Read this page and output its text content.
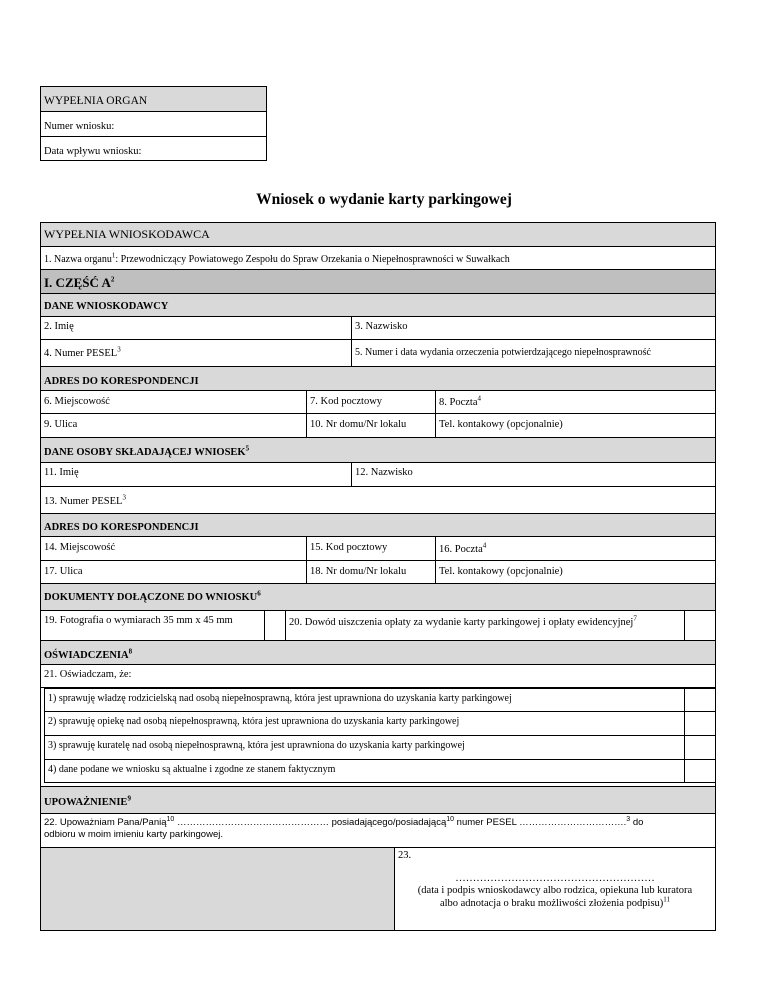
WYPEŁNIA ORGAN
Numer wniosku:
Data wpływu wniosku:
Wniosek o wydanie karty parkingowej
WYPEŁNIA WNIOSKODAWCA
1. Nazwa organu$^1$: Przewodniczący Powiatowego Zespołu do Spraw Orzekania o Niepełnosprawności w Suwałkach
I. CZĘŚĆ $A^2$
DANE WNIOSKODAWCY
2. Imię	3. Nazwisko
4. Numer PESEL$^3$	5. Numer i data wydania orzeczenia potwierdzającego niepełnosprawność
ADRES DO KORESPONDENCJI
6. Miejscowość	7. Kod pocztowy	8. Poczta$^4$
9. Ulica	10. Nr domu/Nr lokalu	Tel. kontakowy (opcjonalnie)
DANE OSOBY SKŁADAJĄCEJ WNIOSEK$^5$
11. Imię	12. Nazwisko
13. Numer PESEL$^3$
ADRES DO KORESPONDENCJI
14. Miejscowość	15. Kod pocztowy	16. Poczta$^4$
17. Ulica	18. Nr domu/Nr lokalu	Tel. kontakowy (opcjonalnie)
DOKUMENTY DOŁĄCZONE DO WNIOSKU$^6$
19. Fotografia o wymiarach 35 mm x 45 mm	20. Dowód uiszczenia opłaty za wydanie karty parkingowej i opłaty ewidencyjnej$^7$
OŚWIADCZENIA$^8$
21. Oświadczam, że:
1) sprawuję władzę rodzicielską nad osobą niepełnosprawną, która jest uprawniona do uzyskania karty parkingowej
2) sprawuję opiekę nad osobą niepełnosprawną, która jest uprawniona do uzyskania karty parkingowej
3) sprawuję kuratelę nad osobą niepełnosprawną, która jest uprawniona do uzyskania karty parkingowej
4) dane podane we wniosku są aktualne i zgodne ze stanem faktycznym
UPOWAŻNIENIE$^9$
22. Upoważniam Pana/Panią$^{10}$ ………………………………………… posiadającego/posiadającą$^{10}$ numer PESEL …………………………….$^3$ do
odbioru w moim imieniu karty parkingowej.
23.
…………………………………………………
(data i podpis wnioskodawcy albo rodzica, opiekuna lub kuratora
albo adnotacja o braku możliwości złożenia podpisu)$^{11}$
